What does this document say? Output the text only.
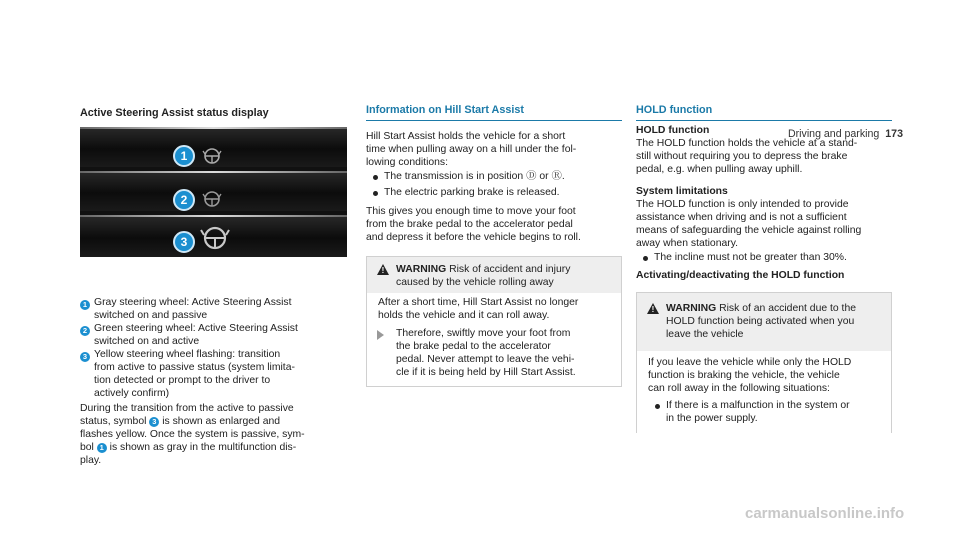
Driving and parking 173
Active Steering Assist status display
1
2
3
1 Gray steering wheel: Active Steering Assist
switched on and passive
2 Green steering wheel: Active Steering Assist
switched on and active
3 Yellow steering wheel flashing: transition
from active to passive status (system limita-
tion detected or prompt to the driver to
actively confirm)
During the transition from the active to passive
status, symbol 3 is shown as enlarged and
flashes yellow. Once the system is passive, sym-
bol 1 is shown as gray in the multifunction dis-
play.
Information on Hill Start Assist
Hill Start Assist holds the vehicle for a short
time when pulling away on a hill under the fol-
lowing conditions:
The transmission is in position Ⓓ or Ⓡ.
The electric parking brake is released.
This gives you enough time to move your foot
from the brake pedal to the accelerator pedal
and depress it before the vehicle begins to roll.
!	WARNING Risk of accident and injury
caused by the vehicle rolling away
After a short time, Hill Start Assist no longer
holds the vehicle and it can roll away.
Therefore, swiftly move your foot from
the brake pedal to the accelerator
pedal. Never attempt to leave the vehi-
cle if it is being held by Hill Start Assist.
HOLD function
HOLD function
The HOLD function holds the vehicle at a stand-
still without requiring you to depress the brake
pedal, e.g. when pulling away uphill.
System limitations
The HOLD function is only intended to provide
assistance when driving and is not a sufficient
means of safeguarding the vehicle against rolling
away when stationary.
The incline must not be greater than 30%.
Activating/deactivating the HOLD function
!	WARNING Risk of an accident due to the
HOLD function being activated when you
leave the vehicle
If you leave the vehicle while only the HOLD
function is braking the vehicle, the vehicle
can roll away in the following situations:
If there is a malfunction in the system or
in the power supply.
carmanualsonline.info
